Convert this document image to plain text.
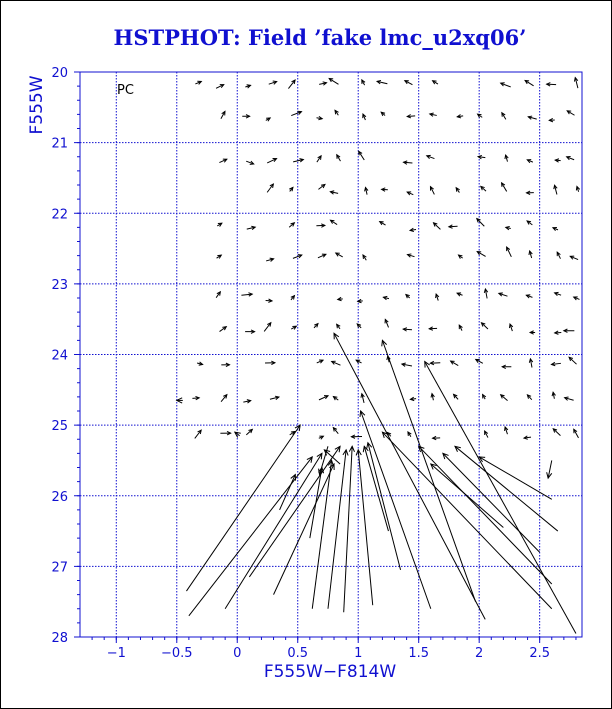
HSTPHOT: Field ’fake lmc_u2xq06’
F555W−F814W
F555W	PC
−1	−0.5	0	0.5	1	1.5	2	2.5
20
21
22
23
24
25
26
27
28
